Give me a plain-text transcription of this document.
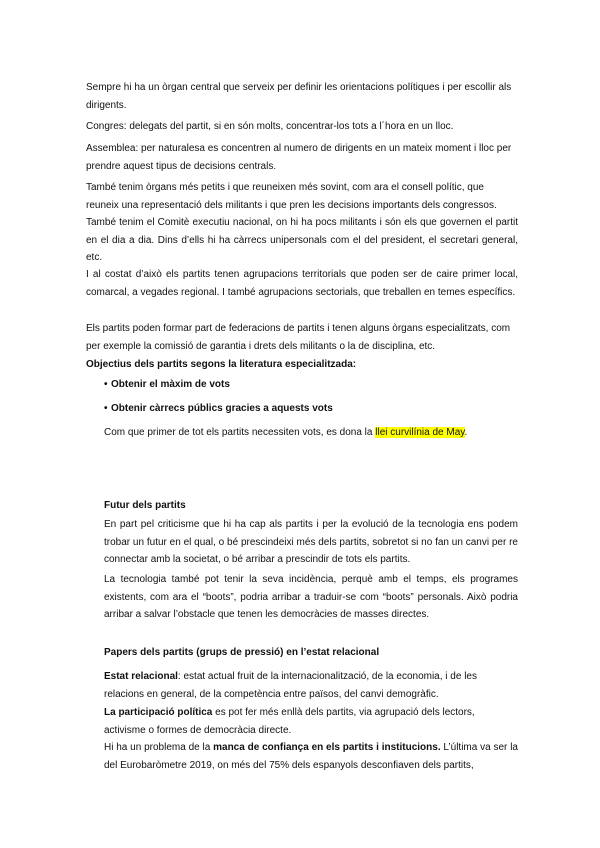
Sempre hi ha un òrgan central que serveix per definir les orientacions polítiques i per escollir als dirigents.

Congres: delegats del partit, si en són molts, concentrar-los tots a l´hora en un lloc.

Assemblea: per naturalesa es concentren al numero de dirigents en un mateix moment i lloc per prendre aquest tipus de decisions centrals.

També tenim òrgans més petits i que reuneixen més sovint, com ara el consell polític, que reuneix una representació dels militants i que pren les decisions importants dels congressos.

També tenim el Comitè executiu nacional, on hi ha pocs militants i són els que governen el partit en el dia a dia. Dins d’ells hi ha càrrecs unipersonals com el del president, el secretari general, etc.

I al costat d’això els partits tenen agrupacions territorials que poden ser de caire primer local, comarcal, a vegades regional. I també agrupacions sectorials, que treballen en temes específics.

Els partits poden formar part de federacions de partits i tenen alguns òrgans especialitzats, com per exemple la comissió de garantia i drets dels militants o la de disciplina, etc.

Objectius dels partits segons la literatura especialitzada:

• Obtenir el màxim de vots
• Obtenir càrrecs públics gracies a aquests vots

Com que primer de tot els partits necessiten vots, es dona la llei curvilínia de May.

Futur dels partits

En part pel criticisme que hi ha cap als partits i per la evolució de la tecnologia ens podem trobar un futur en el qual, o bé prescindeixi més dels partits, sobretot si no fan un canvi per re connectar amb la societat, o bé arribar a prescindir de tots els partits.

La tecnologia també pot tenir la seva incidència, perquè amb el temps, els programes existents, com ara el “boots”, podria arribar a traduir-se com “boots” personals. Això podria arribar a salvar l’obstacle que tenen les democràcies de masses directes.

Papers dels partits (grups de pressió) en l’estat relacional

Estat relacional: estat actual fruit de la internacionalització, de la economia, i de les relacions en general, de la competència entre països, del canvi demogràfic.

La participació política es pot fer més enllà dels partits, via agrupació dels lectors, activisme o formes de democràcia directe.

Hi ha un problema de la manca de confiança en els partits i institucions. L’última va ser la del Eurobaròmetre 2019, on més del 75% dels espanyols desconfiaven dels partits,
